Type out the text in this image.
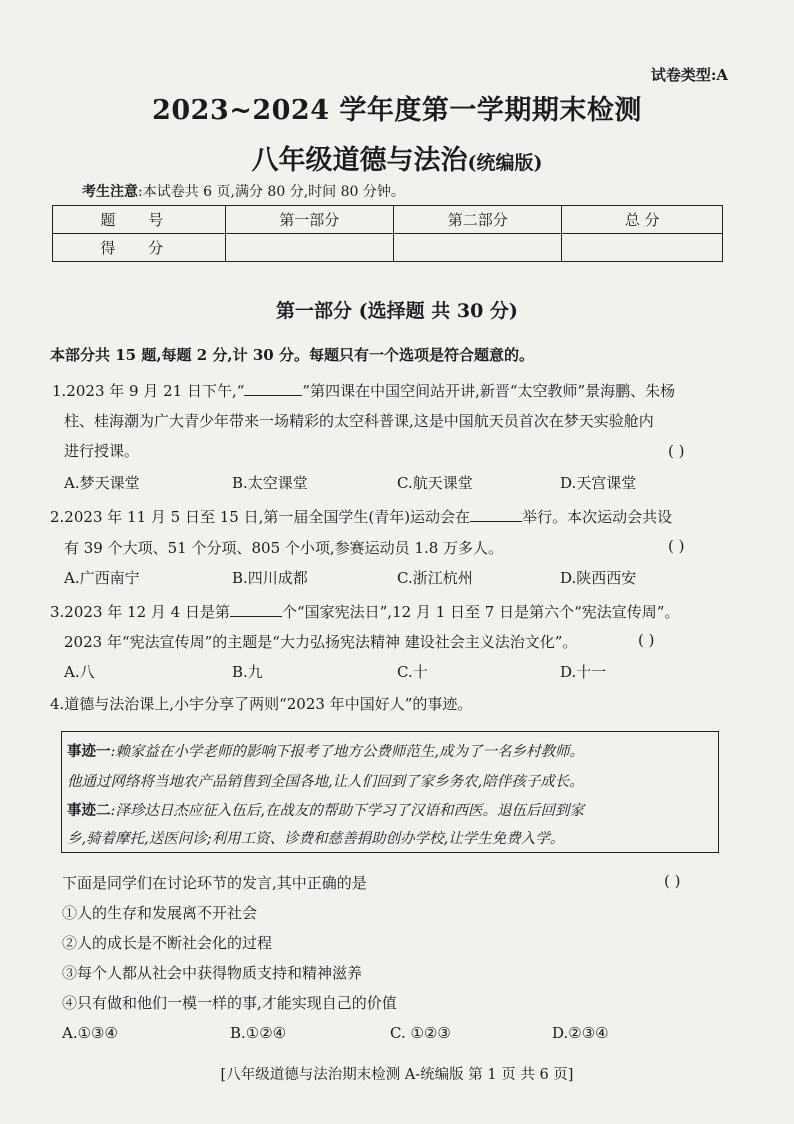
试卷类型:A
2023~2024 学年度第一学期期末检测
八年级道德与法治(统编版)
考生注意:本试卷共 6 页,满分 80 分,时间 80 分钟。
题 号	第一部分	第二部分	总 分
得 分			
第一部分 (选择题 共 30 分)
本部分共 15 题,每题 2 分,计 30 分。每题只有一个选项是符合题意的。
1.2023 年 9 月 21 日下午,“	”第四课在中国空间站开讲,新晋“太空教师”景海鹏、朱杨
柱、桂海潮为广大青少年带来一场精彩的太空科普课,这是中国航天员首次在梦天实验舱内
进行授课。	( )
A.梦天课堂	B.太空课堂	C.航天课堂	D.天宫课堂
2.2023 年 11 月 5 日至 15 日,第一届全国学生(青年)运动会在	举行。本次运动会共设
有 39 个大项、51 个分项、805 个小项,参赛运动员 1.8 万多人。	( )
A.广西南宁	B.四川成都	C.浙江杭州	D.陕西西安
3.2023 年 12 月 4 日是第	个“国家宪法日”,12 月 1 日至 7 日是第六个“宪法宣传周”。
2023 年“宪法宣传周”的主题是“大力弘扬宪法精神 建设社会主义法治文化”。	( )
A.八	B.九	C.十	D.十一
4.道德与法治课上,小宇分享了两则“2023 年中国好人”的事迹。
事迹一:赖家益在小学老师的影响下报考了地方公费师范生,成为了一名乡村教师。
他通过网络将当地农产品销售到全国各地,让人们回到了家乡务农,陪伴孩子成长。
事迹二:泽珍达日杰应征入伍后,在战友的帮助下学习了汉语和西医。退伍后回到家
乡,骑着摩托,送医问诊;利用工资、诊费和慈善捐助创办学校,让学生免费入学。
下面是同学们在讨论环节的发言,其中正确的是	( )
①人的生存和发展离不开社会
②人的成长是不断社会化的过程
③每个人都从社会中获得物质支持和精神滋养
④只有做和他们一模一样的事,才能实现自己的价值
A.①③④	B.①②④	C. ①②③	D.②③④
[八年级道德与法治期末检测 A-统编版 第 1 页 共 6 页]
